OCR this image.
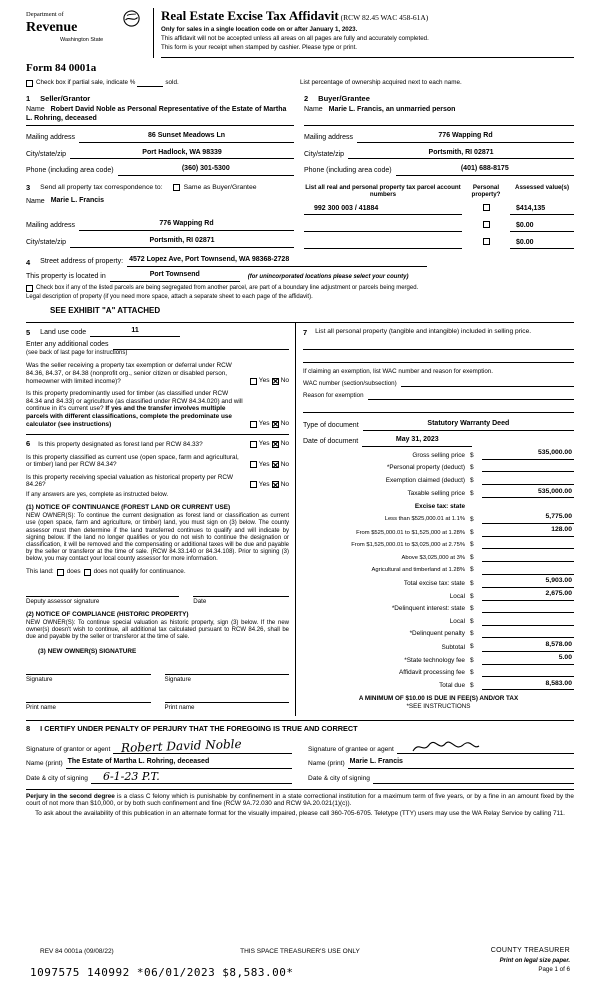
Department of
Revenue
Washington State
Real Estate Excise Tax Affidavit (RCW 82.45 WAC 458-61A)
Only for sales in a single location code on or after January 1, 2023.
This affidavit will not be accepted unless all areas on all pages are fully and accurately completed.
This form is your receipt when stamped by cashier. Please type or print.
Form 84 0001a
Check box if partial sale, indicate %	sold.	List percentage of ownership acquired next to each name.
1 Seller/Grantor
Name Robert David Noble as Personal Representative of the Estate of Martha L. Rohring, deceased
Mailing address	86 Sunset Meadows Ln
City/state/zip	Port Hadlock, WA 98339
Phone (including area code)	(360) 301-5300
2 Buyer/Grantee
Name Marie L. Francis, an unmarried person
Mailing address	776 Wapping Rd
City/state/zip	Portsmith, RI 02871
Phone (including area code)	(401) 688-8175
3 Send all property tax correspondence to:	Same as Buyer/Grantee
Name Marie L. Francis
Mailing address	776 Wapping Rd
City/state/zip	Portsmith, RI 02871
List all real and personal property tax parcel account numbers
Personal property?
Assessed value(s)
992 300 003 / 41884	$414,135
$0.00
$0.00
4 Street address of property: 4572 Lopez Ave, Port Townsend, WA 98368-2728
This property is located in	Port Townsend	(for unincorporated locations please select your county)
Check box if any of the listed parcels are being segregated from another parcel, are part of a boundary line adjustment or parcels being merged.
Legal description of property (if you need more space, attach a separate sheet to each page of the affidavit).
SEE EXHIBIT "A" ATTACHED
5 Land use code	11
Enter any additional codes
(see back of last page for instructions)
Was the seller receiving a property tax exemption or deferral under RCW 84.36, 84.37, or 84.38 (nonprofit org., senior citizen or disabled person, homeowner with limited income)?	Yes ✕ No
Is this property predominantly used for timber (as classified under RCW 84.34 and 84.33) or agriculture (as classified under RCW 84.34.020) and will continue in it's current use? If yes and the transfer involves multiple parcels with different classifications, complete the predominate use calculator (see instructions)	Yes ✕ No
6 Is this property designated as forest land per RCW 84.33?	Yes ✕ No
Is this property classified as current use (open space, farm and agricultural, or timber) land per RCW 84.34?	Yes ✕ No
Is this property receiving special valuation as historical property per RCW 84.26?	Yes ✕ No
If any answers are yes, complete as instructed below.
(1) NOTICE OF CONTINUANCE (FOREST LAND OR CURRENT USE)
NEW OWNER(S): To continue the current designation as forest land or classification as current use (open space, farm and agriculture, or timber) land, you must sign on (3) below. The county assessor must then determine if the land transferred continues to qualify and will indicate by signing below. If the land no longer qualifies or you do not wish to continue the designation or classification, it will be removed and the compensating or additional taxes will be due and payable by the seller or transferor at the time of sale. (RCW 84.33.140 or 84.34.108). Prior to signing (3) below, you may contact your local county assessor for more information.
This land: does does not qualify for continuance.
Deputy assessor signature	Date
(2) NOTICE OF COMPLIANCE (HISTORIC PROPERTY)
NEW OWNER(S): To continue special valuation as historic property, sign (3) below. If the new owner(s) doesn't wish to continue, all additional tax calculated pursuant to RCW 84.26, shall be due and payable by the seller or transferor at the time of sale.
(3) NEW OWNER(S) SIGNATURE
Signature	Signature
Print name	Print name
7 List all personal property (tangible and intangible) included in selling price.
If claiming an exemption, list WAC number and reason for exemption.
WAC number (section/subsection)
Reason for exemption
Type of document	Statutory Warranty Deed
Date of document	May 31, 2023
Gross selling price $	535,000.00
*Personal property (deduct) $
Exemption claimed (deduct) $
Taxable selling price $	535,000.00
Excise tax: state
Less than $525,000.01 at 1.1% $	5,775.00
From $525,000.01 to $1,525,000 at 1.28% $	128.00
From $1,525,000.01 to $3,025,000 at 2.75% $
Above $3,025,000 at 3% $
Agricultural and timberland at 1.28% $
Total excise tax: state $	5,903.00
Local $	2,675.00
*Delinquent interest: state $
Local $
*Delinquent penalty $
Subtotal $	8,578.00
*State technology fee $	5.00
Affidavit processing fee $
Total due $	8,583.00
A MINIMUM OF $10.00 IS DUE IN FEE(S) AND/OR TAX
*SEE INSTRUCTIONS
8 I CERTIFY UNDER PENALTY OF PERJURY THAT THE FOREGOING IS TRUE AND CORRECT
Signature of grantor or agent Robert David Noble	Signature of grantee or agent
Name (print) The Estate of Martha L. Rohring, deceased	Name (print) Marie L. Francis
Date & city of signing 6-1-23 P.T.	Date & city of signing
Perjury in the second degree is a class C felony which is punishable by confinement in a state correctional institution for a maximum term of five years, or by a fine in an amount fixed by the court of not more than $10,000, or by both such confinement and fine (RCW 9A.72.030 and RCW 9A.20.021(1)(c)).
To ask about the availability of this publication in an alternate format for the visually impaired, please call 360-705-6705. Teletype (TTY) users may use the WA Relay Service by calling 711.
REV 84 0001a (09/08/22)	THIS SPACE TREASURER'S USE ONLY	COUNTY TREASURER
Print on legal size paper.
Page 1 of 6
1097575 140992 *06/01/2023 $8,583.00*
